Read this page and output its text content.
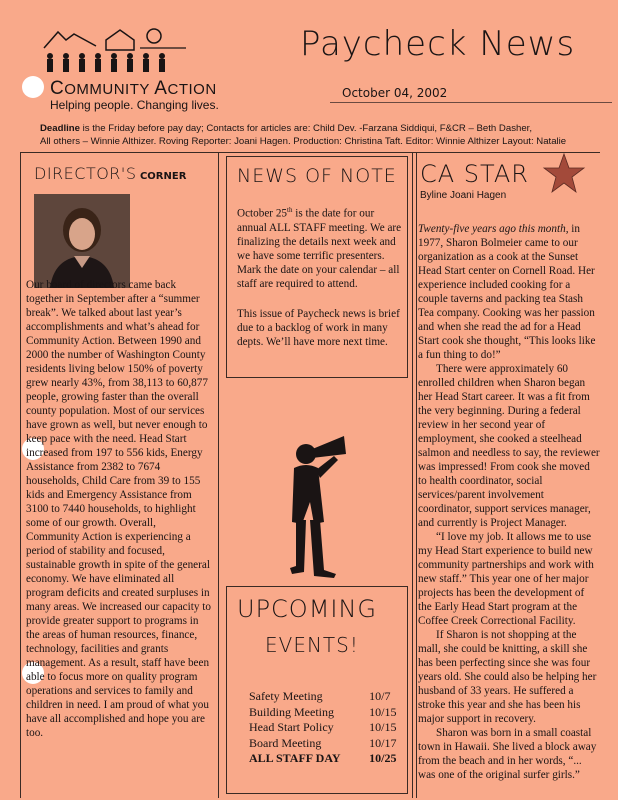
COMMUNITY ACTION
Helping people. Changing lives.
Paycheck News
October 04, 2002
Deadline is the Friday before pay day; Contacts for articles are: Child Dev. -Farzana Siddiqui, F&CR – Beth Dasher,
All others – Winnie Althizer. Roving Reporter: Joani Hagen. Production: Christina Taft. Editor: Winnie Althizer Layout: Natalie
DIRECTOR'S CORNER

Our board of directors came back together in September after a “summer break”. We talked about last year’s accomplishments and what’s ahead for Community Action. Between 1990 and 2000 the number of Washington County residents living below 150% of poverty grew nearly 43%, from 38,113 to 60,877 people, growing faster than the overall county population. Most of our services have grown as well, but never enough to keep pace with the need. Head Start increased from 197 to 556 kids, Energy Assistance from 2382 to 7674 households, Child Care from 39 to 155 kids and Emergency Assistance from 3100 to 7440 households, to highlight some of our growth. Overall, Community Action is experiencing a period of stability and focused, sustainable growth in spite of the general economy. We have eliminated all program deficits and created surpluses in many areas. We increased our capacity to provide greater support to programs in the areas of human resources, finance, technology, facilities and grants management. As a result, staff have been able to focus more on quality program operations and services to family and children in need. I am proud of what you have all accomplished and hope you are too.

NEWS OF NOTE

October 25th is the date for our annual ALL STAFF meeting. We are finalizing the details next week and we have some terrific presenters. Mark the date on your calendar – all staff are required to attend.

This issue of Paycheck news is brief due to a backlog of work in many depts. We’ll have more next time.

UPCOMING
EVENTS!
Safety Meeting	10/7
Building Meeting	10/15
Head Start Policy	10/15
Board Meeting	10/17
ALL STAFF DAY	10/25
CA STAR
Byline Joani Hagen

Twenty-five years ago this month, in 1977, Sharon Bolmeier came to our organization as a cook at the Sunset Head Start center on Cornell Road. Her experience included cooking for a couple taverns and packing tea Stash Tea company. Cooking was her passion and when she read the ad for a Head Start cook she thought, “This looks like a fun thing to do!”

There were approximately 60 enrolled children when Sharon began her Head Start career. It was a fit from the very beginning. During a federal review in her second year of employment, she cooked a steelhead salmon and needless to say, the reviewer was impressed! From cook she moved to health coordinator, social services/parent involvement coordinator, support services manager, and currently is Project Manager.

“I love my job. It allows me to use my Head Start experience to build new community partnerships and work with new staff.” This year one of her major projects has been the development of the Early Head Start program at the Coffee Creek Correctional Facility.

If Sharon is not shopping at the mall, she could be knitting, a skill she has been perfecting since she was four years old. She could also be helping her husband of 33 years. He suffered a stroke this year and she has been his major support in recovery.

Sharon was born in a small coastal town in Hawaii. She lived a block away from the beach and in her words, “... was one of the original surfer girls.”
